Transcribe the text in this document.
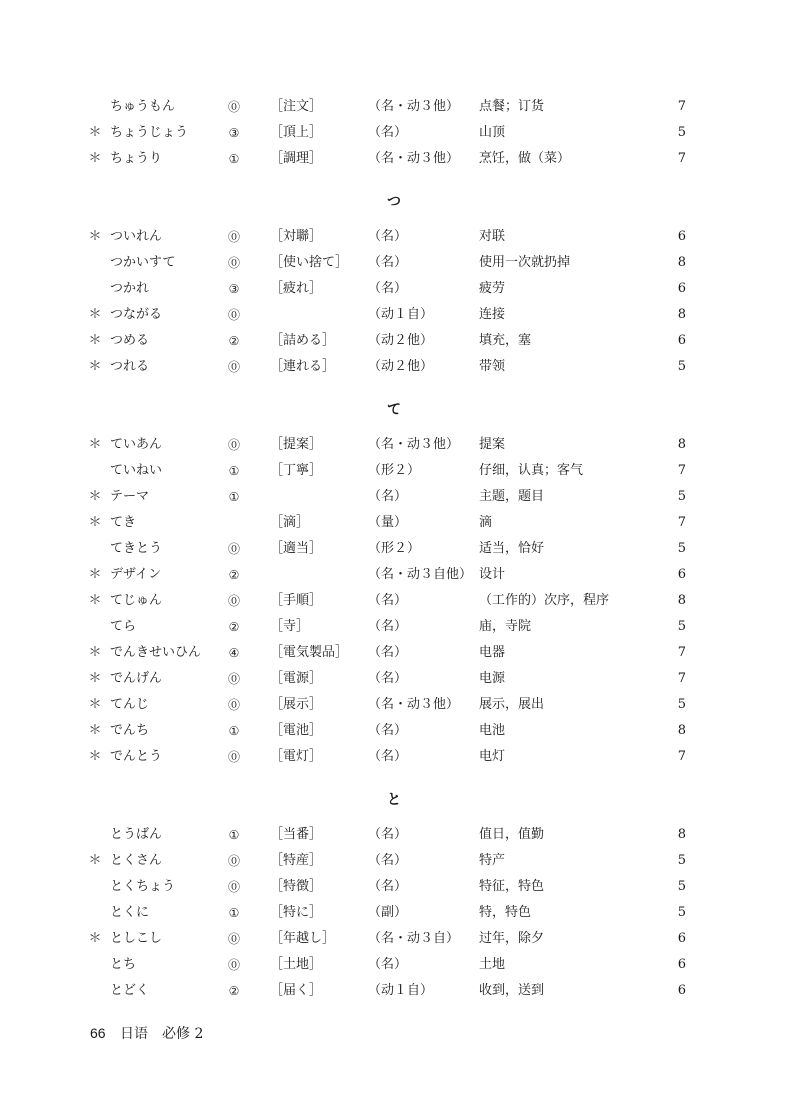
ちゅうもん	⓪ ［注文］	（名・动３他） 点餐；订货	7
＊ ちょうじょう	③ ［頂上］	（名）	山顶	5
＊ ちょうり	① ［調理］	（名・动３他） 烹饪，做（菜）	7
つ
＊ ついれん	⓪ ［対聯］	（名）	对联	6
つかいすて	⓪ ［使い捨て］ （名）	使用一次就扔掉	8
つかれ	③ ［疲れ］	（名）	疲劳	6
＊ つながる	⓪	（动１自）	连接	8
＊ つめる	② ［詰める］	（动２他）	填充，塞	6
＊ つれる	⓪ ［連れる］	（动２他）	带领	5
て
＊ ていあん	⓪ ［提案］	（名・动３他） 提案	8
ていねい	① ［丁寧］	（形２）	仔细，认真；客气	7
＊ テーマ	①	（名）	主题，题目	5
＊ てき	［滴］	（量）	滴	7
てきとう	⓪ ［適当］	（形２）	适当，恰好	5
＊ デザイン	②	（名・动３自他） 设计	6
＊ てじゅん	⓪ ［手順］	（名）	（工作的）次序，程序	8
てら	② ［寺］	（名）	庙，寺院	5
＊ でんきせいひん ④ ［電気製品］ （名）	电器	7
＊ でんげん	⓪ ［電源］	（名）	电源	7
＊ てんじ	⓪ ［展示］	（名・动３他） 展示，展出	5
＊ でんち	① ［電池］	（名）	电池	8
＊ でんとう	⓪ ［電灯］	（名）	电灯	7
と
とうばん	① ［当番］	（名）	值日，值勤	8
＊ とくさん	⓪ ［特産］	（名）	特产	5
とくちょう	⓪ ［特徴］	（名）	特征，特色	5
とくに	① ［特に］	（副）	特，特色	5
＊ としこし	⓪ ［年越し］	（名・动３自） 过年，除夕	6
とち	⓪ ［土地］	（名）	土地	6
とどく	② ［届く］	（动１自）	收到，送到	6
66 日语　必修 2
